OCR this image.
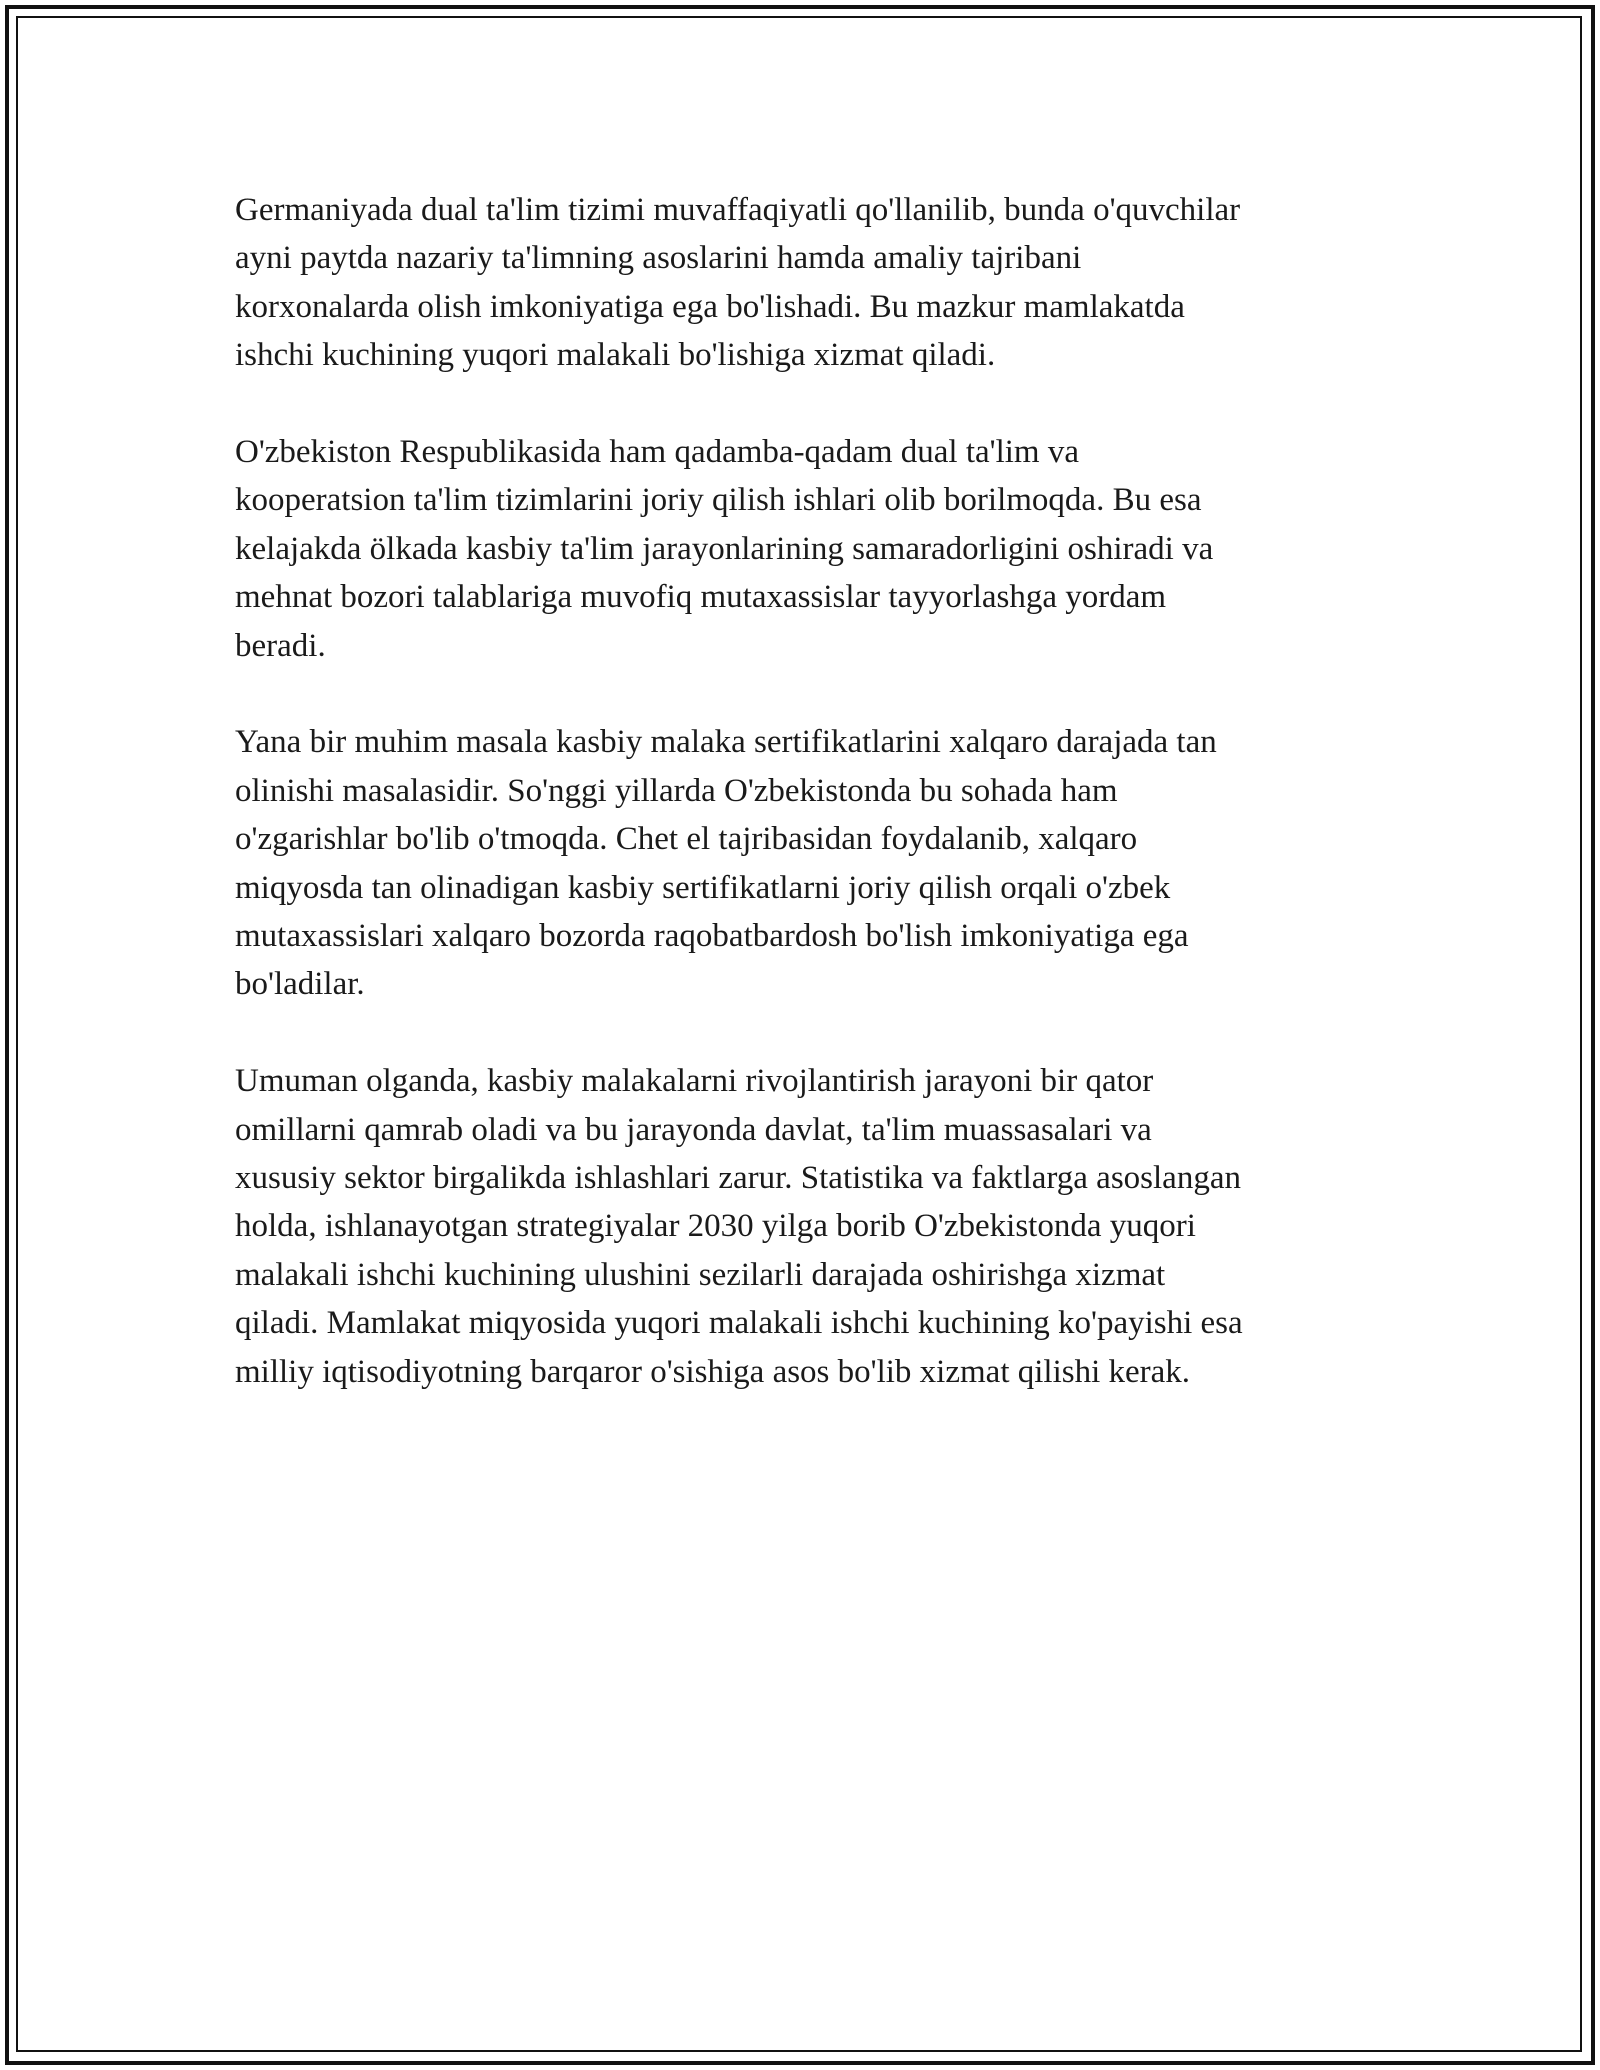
Germaniyada dual ta'lim tizimi muvaffaqiyatli qo'llanilib, bunda o'quvchilar
ayni paytda nazariy ta'limning asoslarini hamda amaliy tajribani
korxonalarda olish imkoniyatiga ega bo'lishadi. Bu mazkur mamlakatda
ishchi kuchining yuqori malakali bo'lishiga xizmat qiladi.

O'zbekiston Respublikasida ham qadamba-qadam dual ta'lim va
kooperatsion ta'lim tizimlarini joriy qilish ishlari olib borilmoqda. Bu esa
kelajakda ölkada kasbiy ta'lim jarayonlarining samaradorligini oshiradi va
mehnat bozori talablariga muvofiq mutaxassislar tayyorlashga yordam
beradi.

Yana bir muhim masala kasbiy malaka sertifikatlarini xalqaro darajada tan
olinishi masalasidir. So'nggi yillarda O'zbekistonda bu sohada ham
o'zgarishlar bo'lib o'tmoqda. Chet el tajribasidan foydalanib, xalqaro
miqyosda tan olinadigan kasbiy sertifikatlarni joriy qilish orqali o'zbek
mutaxassislari xalqaro bozorda raqobatbardosh bo'lish imkoniyatiga ega
bo'ladilar.

Umuman olganda, kasbiy malakalarni rivojlantirish jarayoni bir qator
omillarni qamrab oladi va bu jarayonda davlat, ta'lim muassasalari va
xususiy sektor birgalikda ishlashlari zarur. Statistika va faktlarga asoslangan
holda, ishlanayotgan strategiyalar 2030 yilga borib O'zbekistonda yuqori
malakali ishchi kuchining ulushini sezilarli darajada oshirishga xizmat
qiladi. Mamlakat miqyosida yuqori malakali ishchi kuchining ko'payishi esa
milliy iqtisodiyotning barqaror o'sishiga asos bo'lib xizmat qilishi kerak.
